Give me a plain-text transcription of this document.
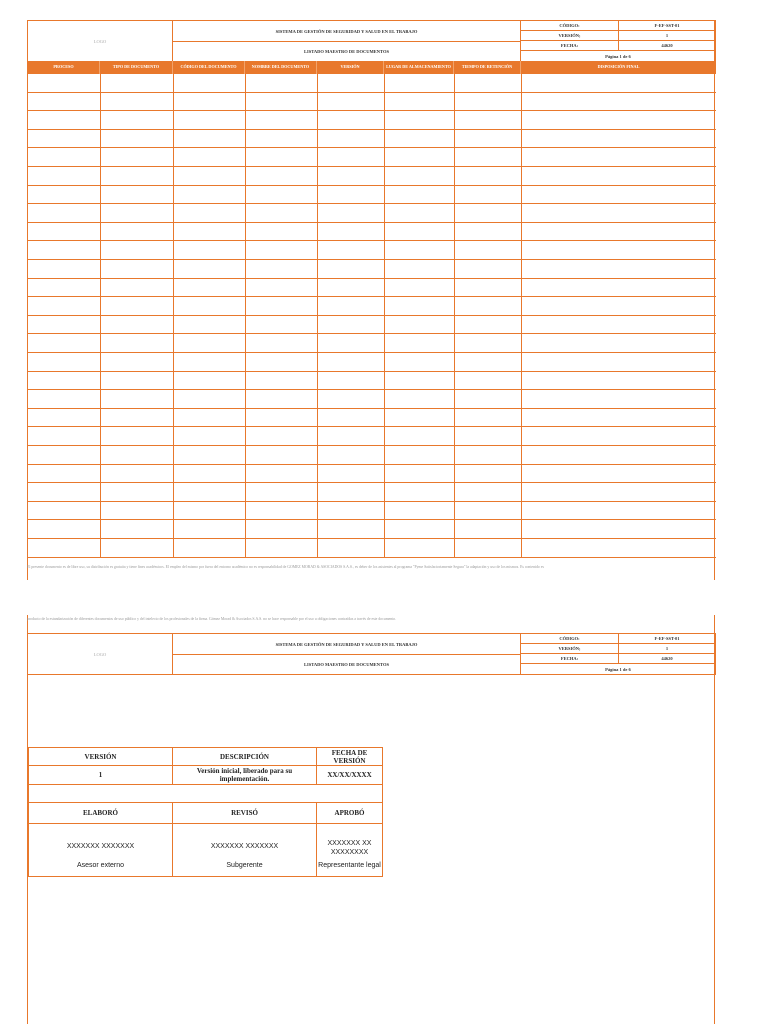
LOGO
SISTEMA DE GESTIÓN DE SEGURIDAD Y SALUD EN EL TRABAJO
LISTADO MAESTRO DE DOCUMENTOS
CÓDIGO:	F-EF-SST-01
VERSIÓN;	1
FECHA:	44620
Página 1 de 6
PROCESO	TIPO DE DOCUMENTO	CÓDIGO DEL DOCUMENTO	NOMBRE DEL DOCUMENTO	VERSIÓN	LUGAR DE ALMACENAMIENTO	TIEMPO DE RETENCIÓN	DISPOSICIÓN FINAL
El presente documento es de libre uso, su distribución es gratuita y tiene fines académicos. El empleo del mismo por fuera del entorno académico no es responsabilidad de GÓMEZ MORAD & ASOCIADOS S.A.S., es deber de los asistentes al programa "Pyme Satisfactoriamente Segura" la adaptación y uso de los mismos. Es contenido es
LOGO
SISTEMA DE GESTIÓN DE SEGURIDAD Y SALUD EN EL TRABAJO
LISTADO MAESTRO DE DOCUMENTOS
CÓDIGO:	F-EF-SST-01
VERSIÓN;	1
FECHA:	44620
Página 1 de 6
producto de la estandarización de diferentes documentos de uso público y del intelecto de los profesionales de la firma. Gómez Morad & Asociados S.A.S. no se hace responsable por el uso u obligaciones contraídas a través de este documento.
VERSIÓN	DESCRIPCIÓN	FECHA DE VERSIÓN
1	Versión inicial, liberado para su implementación.	XX/XX/XXXX
ELABORÓ	REVISÓ	APROBÓ
XXXXXXX XXXXXXX	XXXXXXX XXXXXXX	XXXXXXX XXXXXXXXXX
Asesor externo	Subgerente	Representante legal
